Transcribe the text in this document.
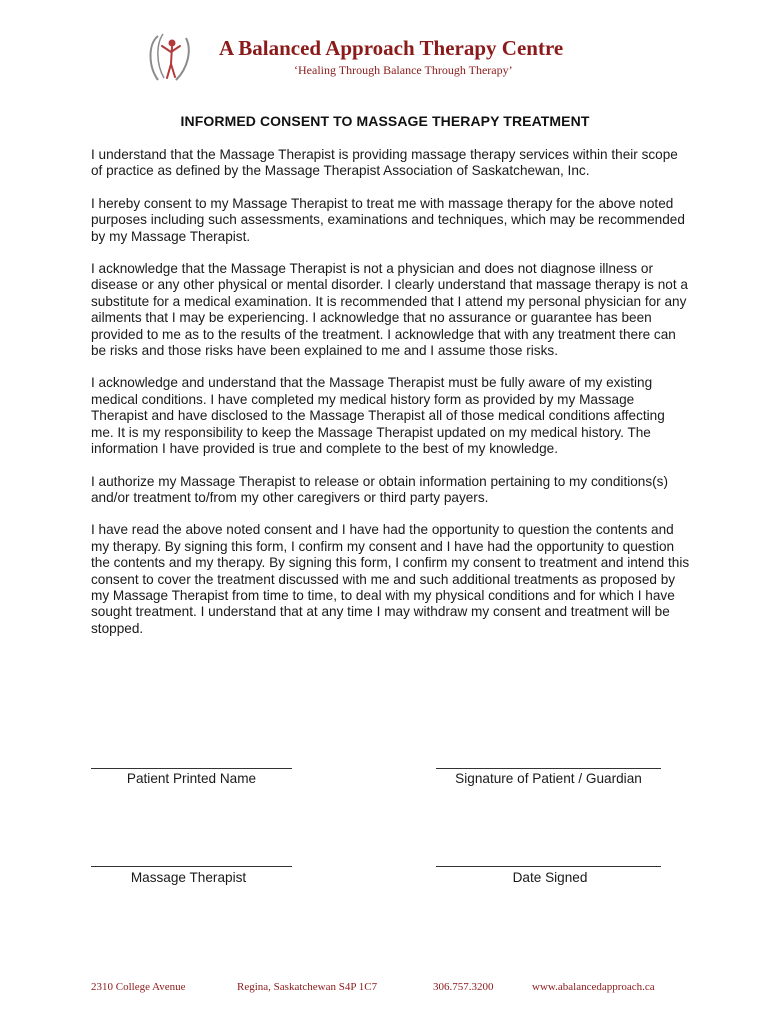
A Balanced Approach Therapy Centre
‘Healing Through Balance Through Therapy’
INFORMED CONSENT TO MASSAGE THERAPY TREATMENT

I understand that the Massage Therapist is providing massage therapy services within their scope of practice as defined by the Massage Therapist Association of Saskatchewan, Inc.

I hereby consent to my Massage Therapist to treat me with massage therapy for the above noted purposes including such assessments, examinations and techniques, which may be recommended by my Massage Therapist.

I acknowledge that the Massage Therapist is not a physician and does not diagnose illness or disease or any other physical or mental disorder. I clearly understand that massage therapy is not a substitute for a medical examination. It is recommended that I attend my personal physician for any ailments that I may be experiencing. I acknowledge that no assurance or guarantee has been provided to me as to the results of the treatment. I acknowledge that with any treatment there can be risks and those risks have been explained to me and I assume those risks.

I acknowledge and understand that the Massage Therapist must be fully aware of my existing medical conditions. I have completed my medical history form as provided by my Massage Therapist and have disclosed to the Massage Therapist all of those medical conditions affecting me. It is my responsibility to keep the Massage Therapist updated on my medical history. The information I have provided is true and complete to the best of my knowledge.

I authorize my Massage Therapist to release or obtain information pertaining to my conditions(s) and/or treatment to/from my other caregivers or third party payers.

I have read the above noted consent and I have had the opportunity to question the contents and my therapy. By signing this form, I confirm my consent and I have had the opportunity to question the contents and my therapy. By signing this form, I confirm my consent to treatment and intend this consent to cover the treatment discussed with me and such additional treatments as proposed by my Massage Therapist from time to time, to deal with my physical conditions and for which I have sought treatment. I understand that at any time I may withdraw my consent and treatment will be stopped.

Patient Printed Name	Signature of Patient / Guardian
Massage Therapist	Date Signed
2310 College Avenue	Regina, Saskatchewan S4P 1C7	306.757.3200	www.abalancedapproach.ca
